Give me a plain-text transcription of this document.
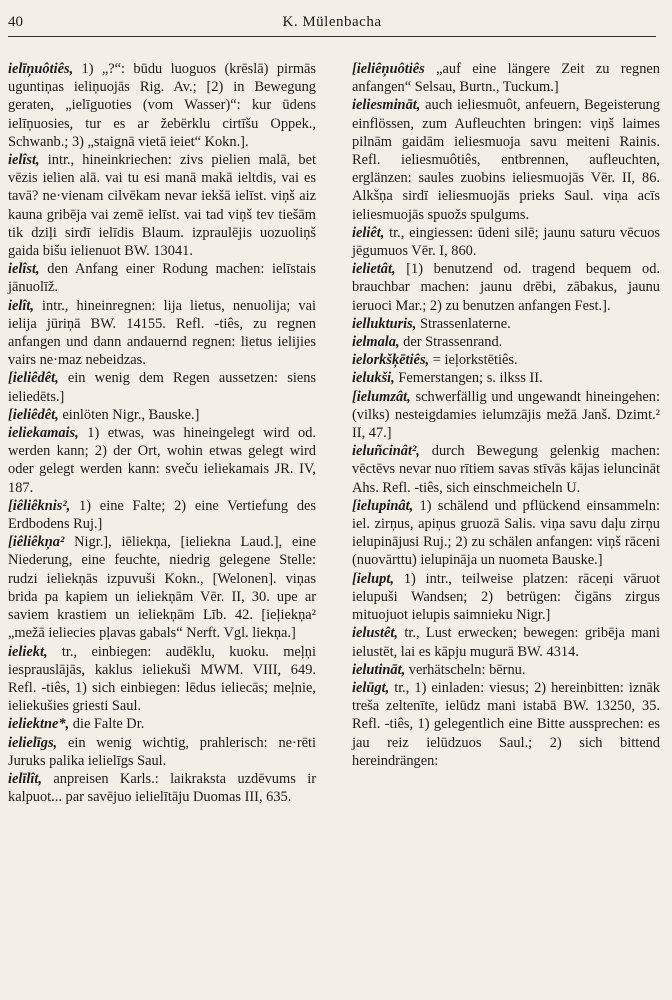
40	K. Mülenbacha

ielīņuôtiês, 1) „?“: būdu luoguos (krēslā) pirmās uguntiņas ieliņuojās Rig. Av.; [2) in Bewegung geraten, „ielīguoties (vom Wasser)“: kur ūdens ielīņuosies, tur es ar žebērklu cirtīšu Oppek., Schwanb.; 3) „staignā vietā ieiet“ Kokn.].

ielîst, intr., hineinkriechen: zivs pielien malā, bet vēzis ielien alā. vai tu esi manā makā ieltdis, vai es tavā? ne·vienam cilvēkam nevar iekšā ielīst. viņš aiz kauna gribēja vai zemē ielīst. vai tad viņš tev tiešām tik dziļi sirdī ielīdis Blaum. izpraulējis uozuoliņš gaida bišu ielienuot BW. 13041.

ielîst, den Anfang einer Rodung machen: ielīstais jānuolīž.

ielît, intr., hineinregnen: lija lietus, nenuolija; vai ielija jūriņā BW. 14155. Refl. -tiês, zu regnen anfangen und dann andauernd regnen: lietus ielijies vairs ne·maz nebeidzas.

[ieliêdêt, ein wenig dem Regen aussetzen: siens ieliedēts.]

[ieliêdêt, einlöten Nigr., Bauske.]

ieliekamais, 1) etwas, was hineingelegt wird od. werden kann; 2) der Ort, wohin etwas gelegt wird oder gelegt werden kann: sveču ieliekamais JR. IV, 187.

[iêliêknis², 1) eine Falte; 2) eine Vertiefung des Erdbodens Ruj.]

[iêliêkņa² Nigr.], iēliekņa, [ieliekna Laud.], eine Niederung, eine feuchte, niedrig gelegene Stelle: rudzi ieliekņās izpuvuši Kokn., [Welonen]. viņas brida pa kapiem un ieliekņām Vēr. II, 30. upe ar saviem krastiem un ieliekņām Līb. 42. [ieļiekņa² „mežā ieliecies pļavas gabals“ Nerft. Vgl. liekņa.]

ieliekt, tr., einbiegen: audēklu, kuoku. meļņi iesprauslājās, kaklus ieliekuši MWM. VIII, 649. Refl. -tiês, 1) sich einbiegen: lēdus ieliecās; meļnie, ieliekušies griesti Saul.

ieliektne*, die Falte Dr.

ielielīgs, ein wenig wichtig, prahlerisch: ne·rēti Juruks palika ielielīgs Saul.

ielīlît, anpreisen Karls.: laikraksta uzdēvums ir kalpuot... par savējuo ielielītāju Duomas III, 635.

[ieliêņuôtiês „auf eine längere Zeit zu regnen anfangen“ Selsau, Burtn., Tuckum.]

ieliesmināt, auch ieliesmuôt, anfeuern, Begeisterung einflössen, zum Aufleuchten bringen: viņš laimes pilnām gaidām ieliesmuoja savu meiteni Rainis. Refl. ieliesmuôtiês, entbrennen, aufleuchten, erglänzen: saules zuobins ieliesmuojās Vēr. II, 86. Alkšņa sirdī ieliesmuojās prieks Saul. viņa acīs ieliesmuojās spuožs spulgums.

ieliêt, tr., eingiessen: ūdeni silē; jaunu saturu vēcuos jēgumuos Vēr. I, 860.

ielietât, [1) benutzend od. tragend bequem od. brauchbar machen: jaunu drēbi, zābakus, jaunu ieruoci Mar.; 2) zu benutzen anfangen Fest.].

iellukturis, Strassenlaterne.

ielmala, der Strassenrand.

ielorkšķētiês, = ieļorkstētiês.

ielukši, Femerstangen; s. ilkss II.

[ielumzât, schwerfällig und ungewandt hineingehen: (vilks) nesteigdamies ielumzājis mežā Janš. Dzimt.² II, 47.]

ieluñcinât², durch Bewegung gelenkig machen: vēctēvs nevar nuo rītiem savas stīvās kājas ieluncināt Ahs. Refl. -tiês, sich einschmeicheln U.

[ielupinât, 1) schälend und pflückend einsammeln: iel. zirņus, apiņus gruozā Salis. viņa savu daļu zirņu ielupinājusi Ruj.; 2) zu schälen anfangen: viņš rāceni (nuovārttu) ielupināja un nuometa Bauske.]

[ielupt, 1) intr., teilweise platzen: rāceņi vāruot ielupuši Wandsen; 2) betrügen: čigāns zirgus mituojuot ielupis saimnieku Nigr.]

ielustêt, tr., Lust erwecken; bewegen: gribēja mani ielustēt, lai es kāpju mugurā BW. 4314.

ielutināt, verhätscheln: bērnu.

ielūgt, tr., 1) einladen: viesus; 2) hereinbitten: iznāk treša zeltenīte, ielūdz mani istabā BW. 13250, 35. Refl. -tiês, 1) gelegentlich eine Bitte aussprechen: es jau reiz ielūdzuos Saul.; 2) sich bittend hereindrängen:
